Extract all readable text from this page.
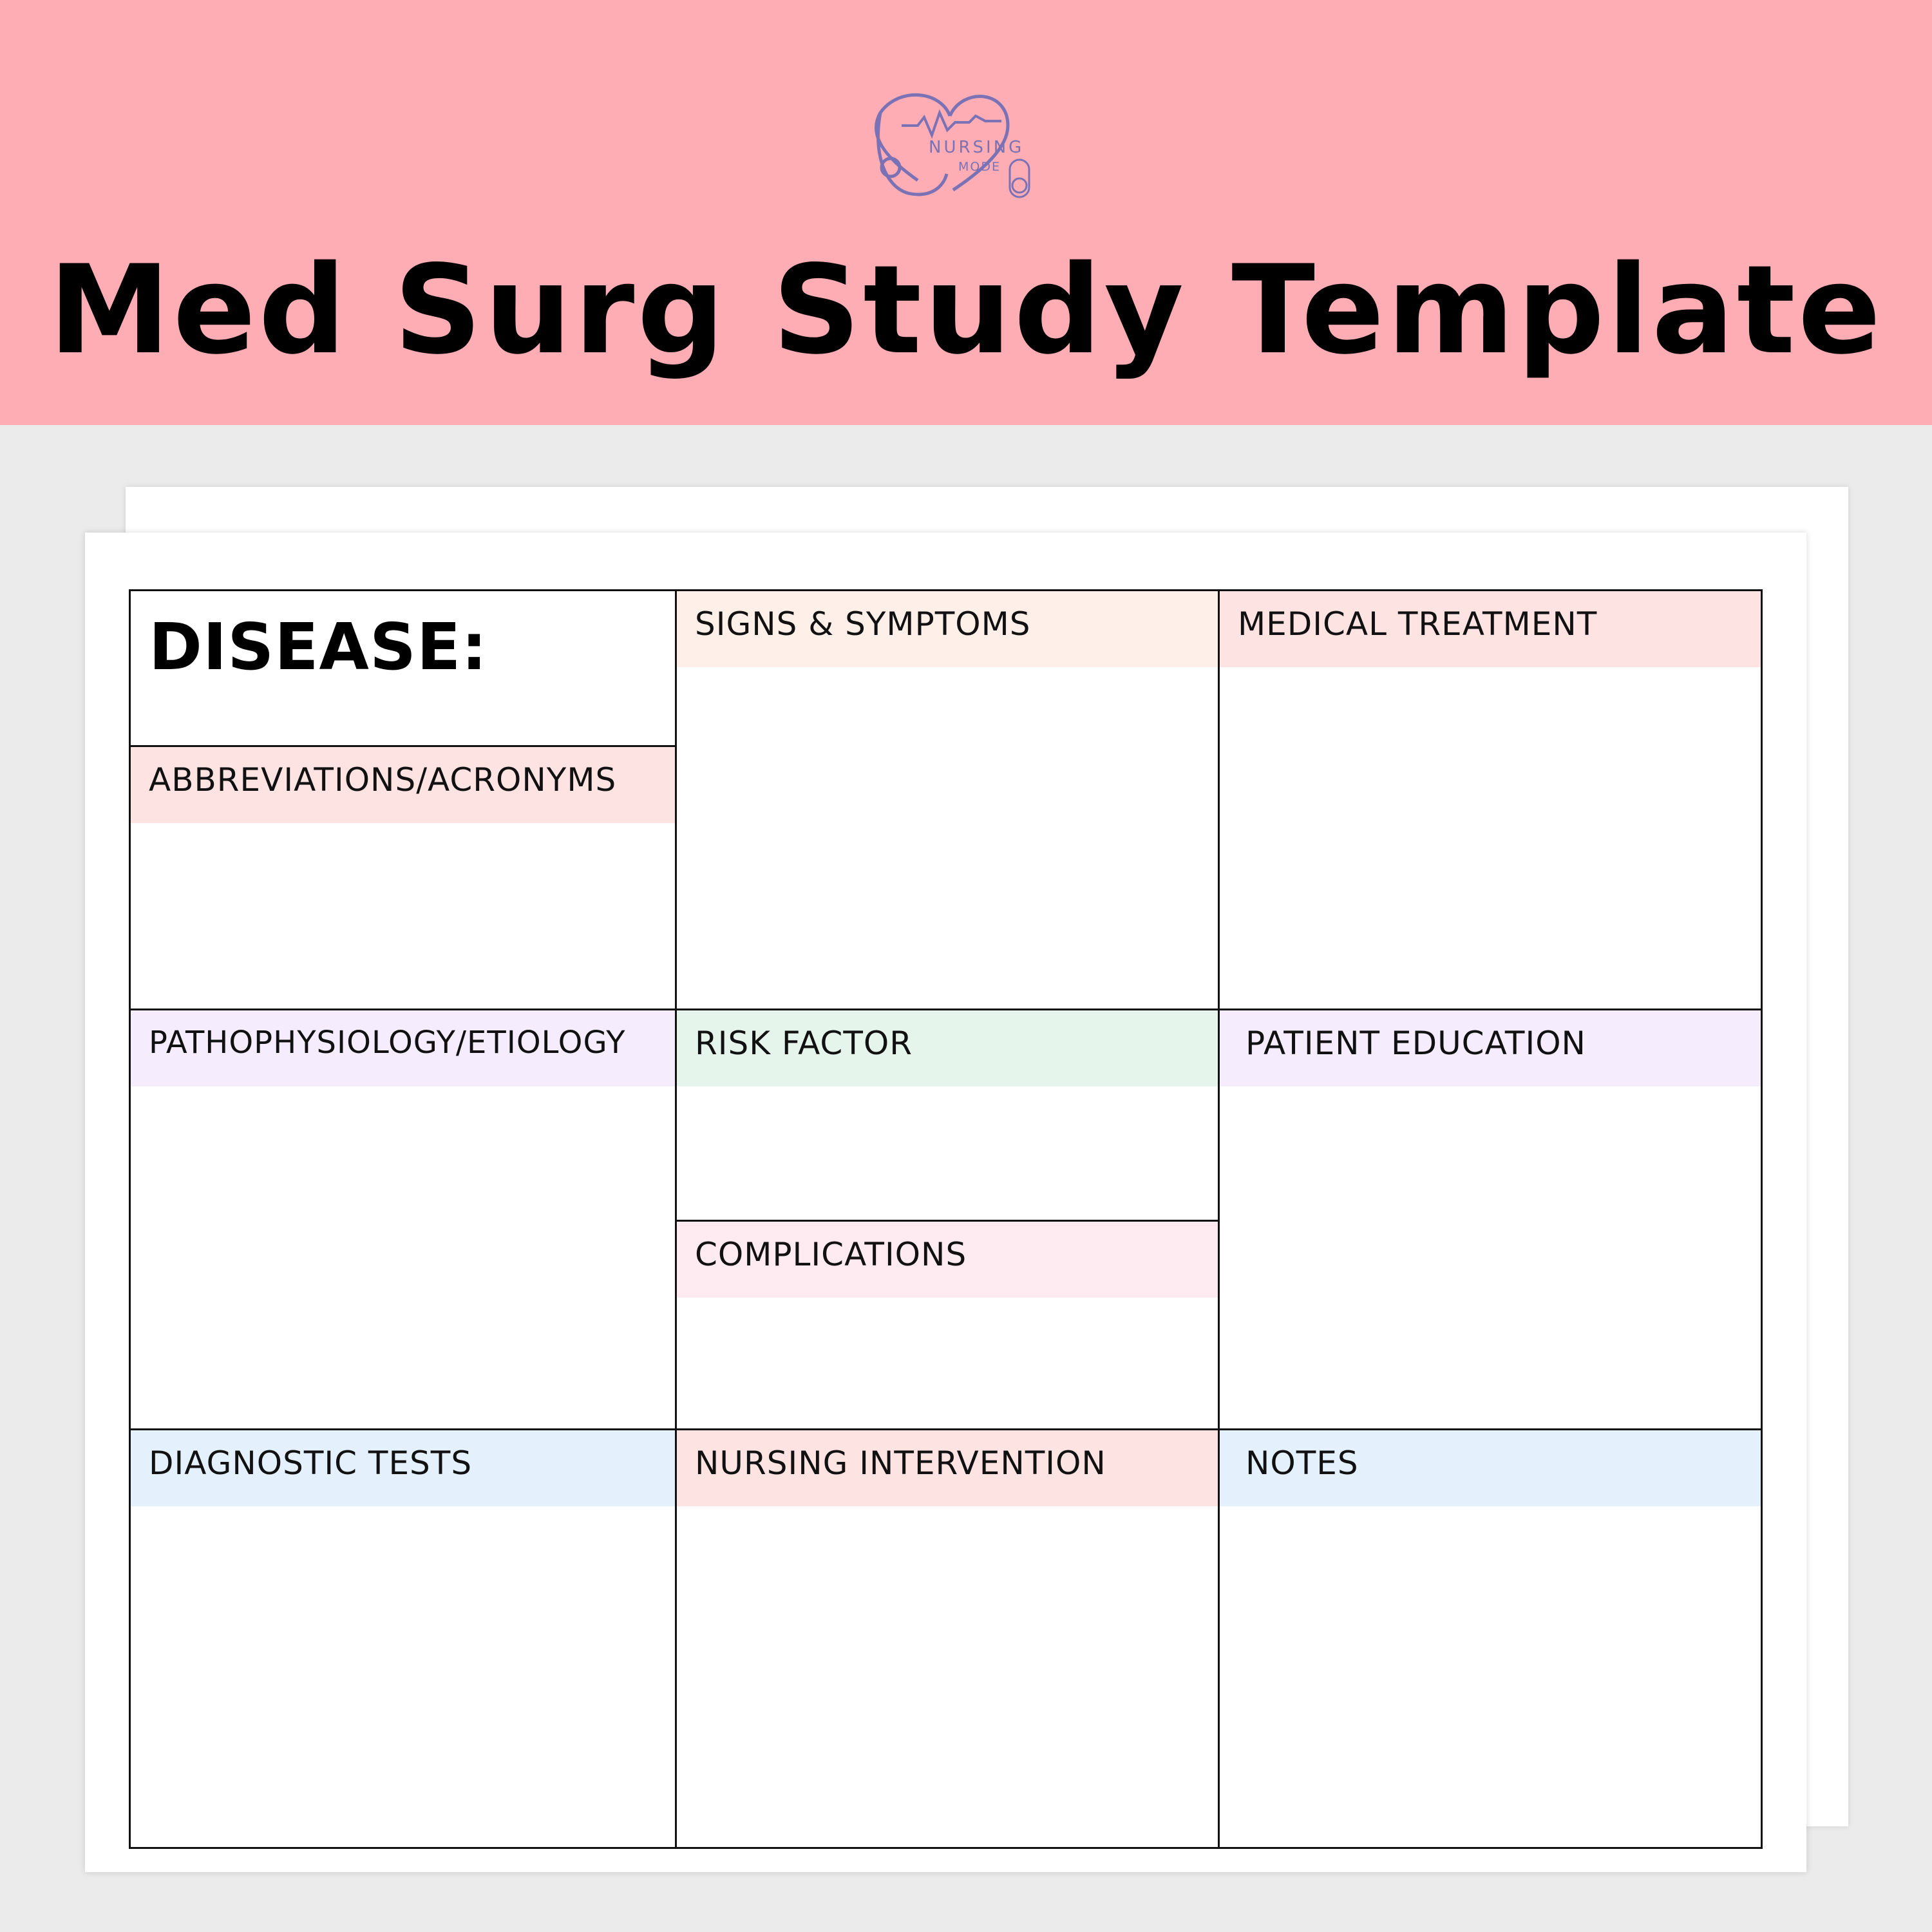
NURSING
MODE
Med Surg Study Template
DISEASE:
ABBREVIATIONS/ACRONYMS
SIGNS & SYMPTOMS	MEDICAL TREATMENT
PATHOPHYSIOLOGY/ETIOLOGY	RISK FACTOR
COMPLICATIONS
PATIENT EDUCATION
DIAGNOSTIC TESTS	NURSING INTERVENTION	NOTES
